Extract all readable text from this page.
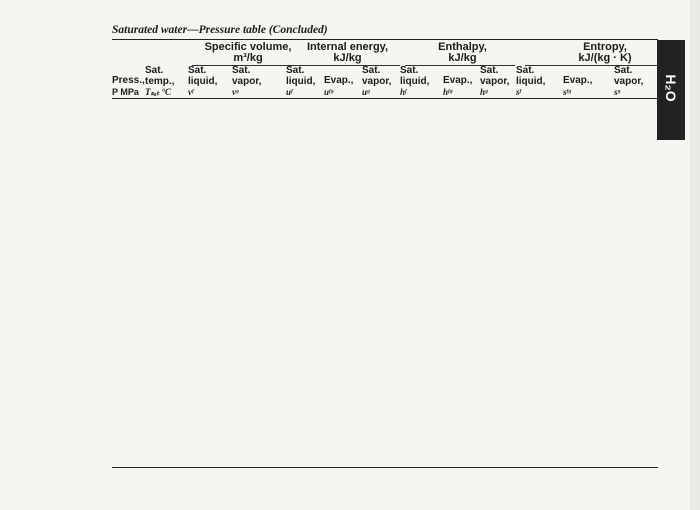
Saturated water—Pressure table (Concluded)
Specific volume,
m³/kg
Internal energy,
kJ/kg
Enthalpy,
kJ/kg
Entropy,
kJ/(kg · K)
Press.,
P MPa
Sat.
temp.,
Tₛₐₜ °C
Sat.
liquid,
vᶠ
Sat.
vapor,
vᵍ
Sat.
liquid,
uᶠ
Evap.,
uᶠᵍ
Sat.
vapor,
uᵍ
Sat.
liquid,
hᶠ
Evap.,
hᶠᵍ
Sat.
vapor,
hᵍ
Sat.
liquid,
sᶠ
Evap.,
sᶠᵍ
Sat.
vapor,
sᵍ	H₂O
